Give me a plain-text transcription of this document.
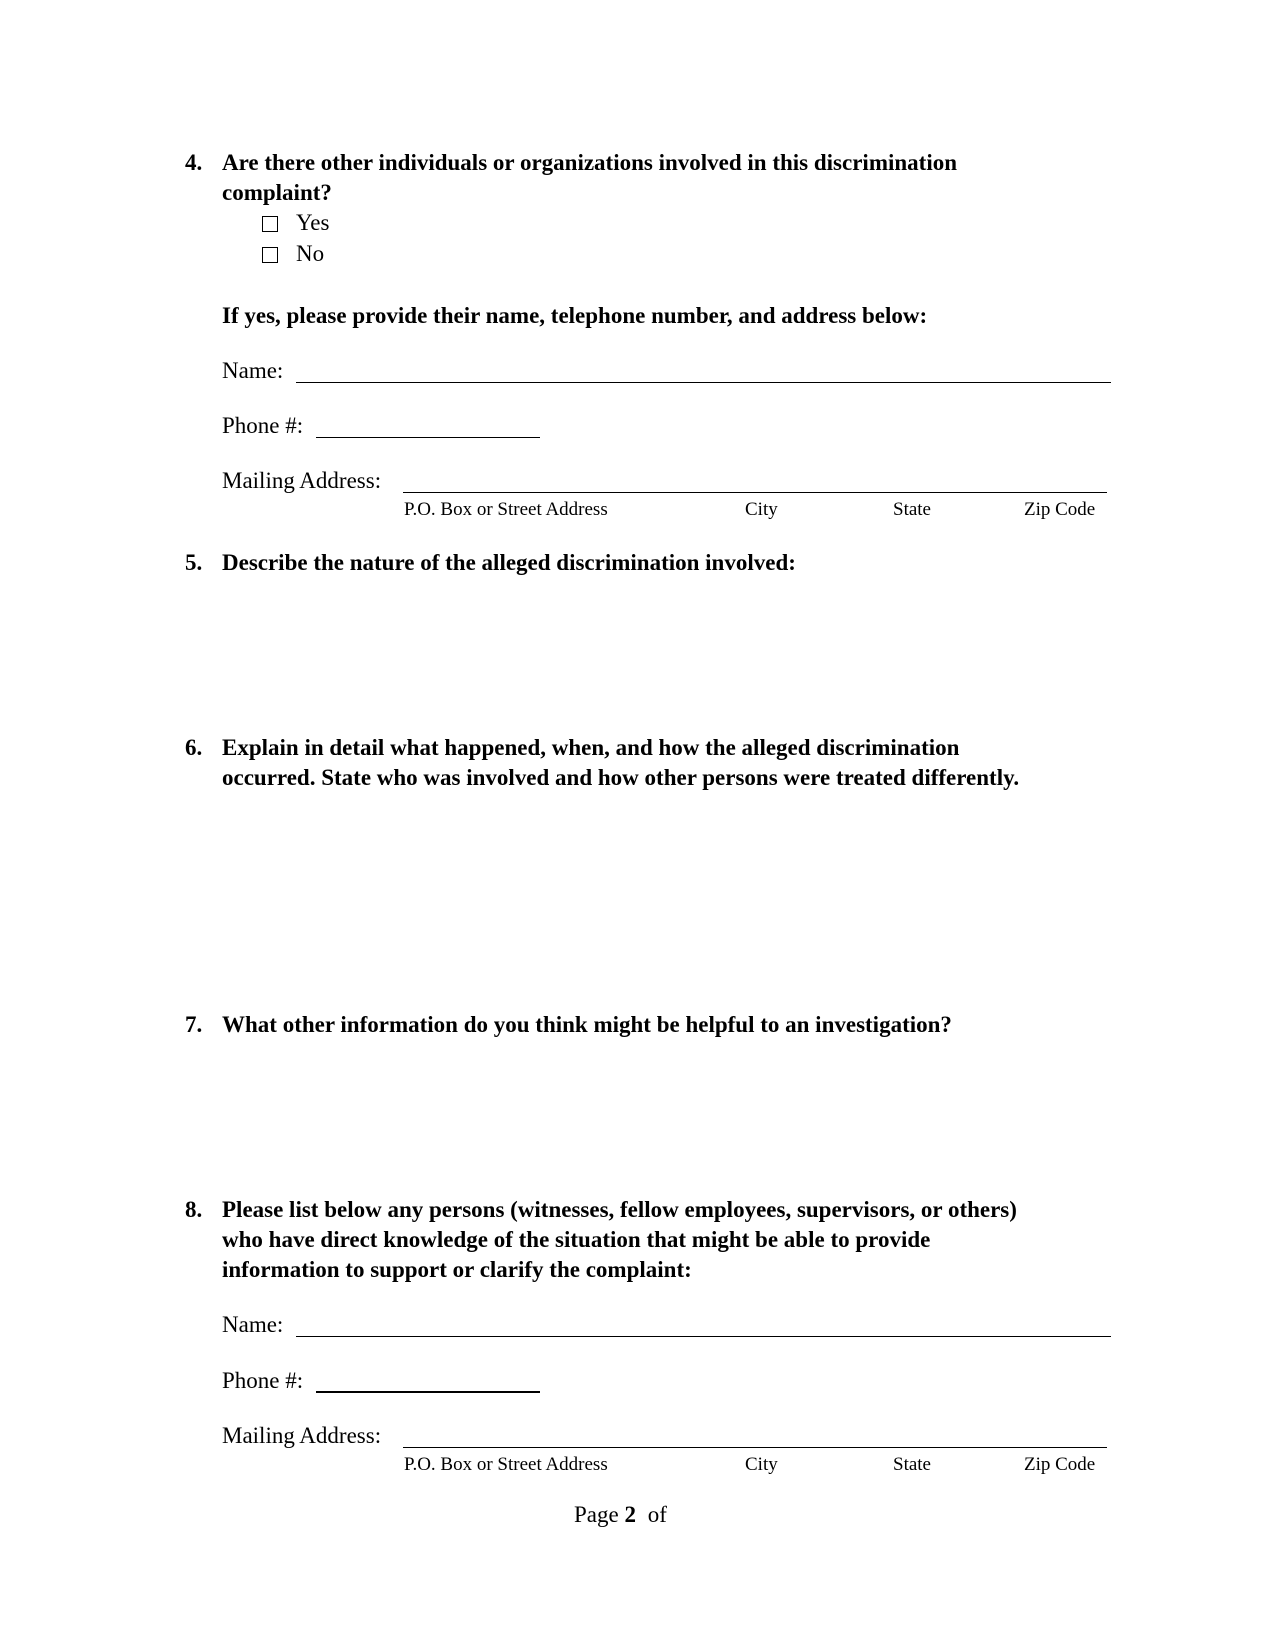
4. Are there other individuals or organizations involved in this discrimination
complaint?
Yes
No
If yes, please provide their name, telephone number, and address below:
Name:
Phone #:
Mailing Address:
P.O. Box or Street Address	City	State	Zip Code
5. Describe the nature of the alleged discrimination involved:
6. Explain in detail what happened, when, and how the alleged discrimination
occurred. State who was involved and how other persons were treated differently.
7. What other information do you think might be helpful to an investigation?
8. Please list below any persons (witnesses, fellow employees, supervisors, or others)
who have direct knowledge of the situation that might be able to provide
information to support or clarify the complaint:
Name:
Phone #:
Mailing Address:
P.O. Box or Street Address	City	State	Zip Code
Page 2 of
